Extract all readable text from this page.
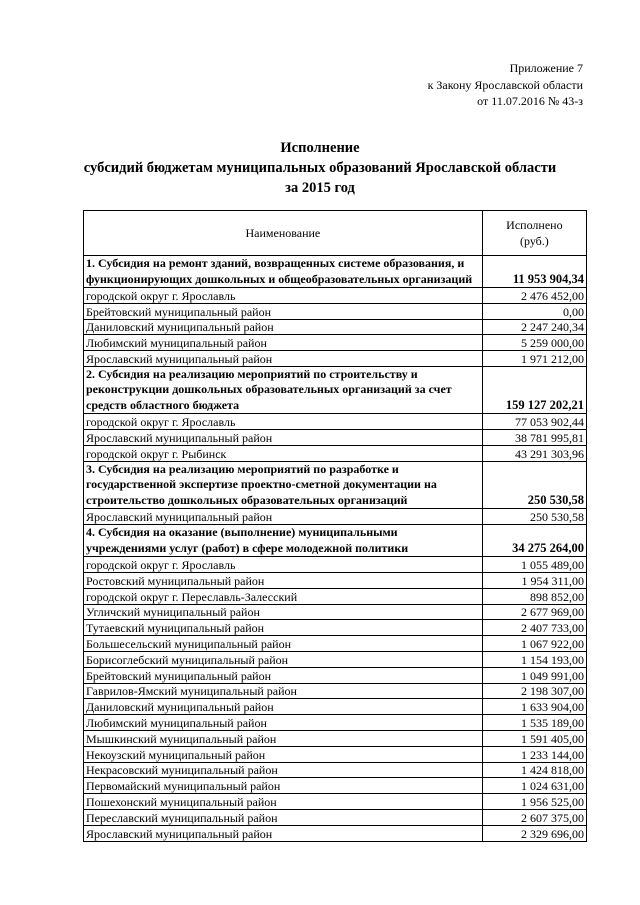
Приложение 7
к Закону Ярославской области
от 11.07.2016 № 43-з
Исполнение
субсидий бюджетам муниципальных образований Ярославской области
за 2015 год
Наименование	Исполнено
(руб.)

1. Субсидия на ремонт зданий, возвращенных системе образования, и функционирующих дошкольных и общеобразовательных организаций	11 953 904,34
городской округ г. Ярославль	2 476 452,00
Брейтовский муниципальный район	0,00
Даниловский муниципальный район	2 247 240,34
Любимский муниципальный район	5 259 000,00
Ярославский муниципальный район	1 971 212,00
2. Субсидия на реализацию мероприятий по строительству и реконструкции дошкольных образовательных организаций за счет средств областного бюджета	159 127 202,21
городской округ г. Ярославль	77 053 902,44
Ярославский муниципальный район	38 781 995,81
городской округ г. Рыбинск	43 291 303,96
3. Субсидия на реализацию мероприятий по разработке и государственной экспертизе проектно-сметной документации на строительство дошкольных образовательных организаций	250 530,58
Ярославский муниципальный район	250 530,58
4. Субсидия на оказание (выполнение) муниципальными учреждениями услуг (работ) в сфере молодежной политики	34 275 264,00
городской округ г. Ярославль	1 055 489,00
Ростовский муниципальный район	1 954 311,00
городской округ г. Переславль-Залесский	898 852,00
Угличский муниципальный район	2 677 969,00
Тутаевский муниципальный район	2 407 733,00
Большесельский муниципальный район	1 067 922,00
Борисоглебский муниципальный район	1 154 193,00
Брейтовский муниципальный район	1 049 991,00
Гаврилов-Ямский муниципальный район	2 198 307,00
Даниловский муниципальный район	1 633 904,00
Любимский муниципальный район	1 535 189,00
Мышкинский муниципальный район	1 591 405,00
Некоузский муниципальный район	1 233 144,00
Некрасовский муниципальный район	1 424 818,00
Первомайский муниципальный район	1 024 631,00
Пошехонский муниципальный район	1 956 525,00
Переславский муниципальный район	2 607 375,00
Ярославский муниципальный район	2 329 696,00
